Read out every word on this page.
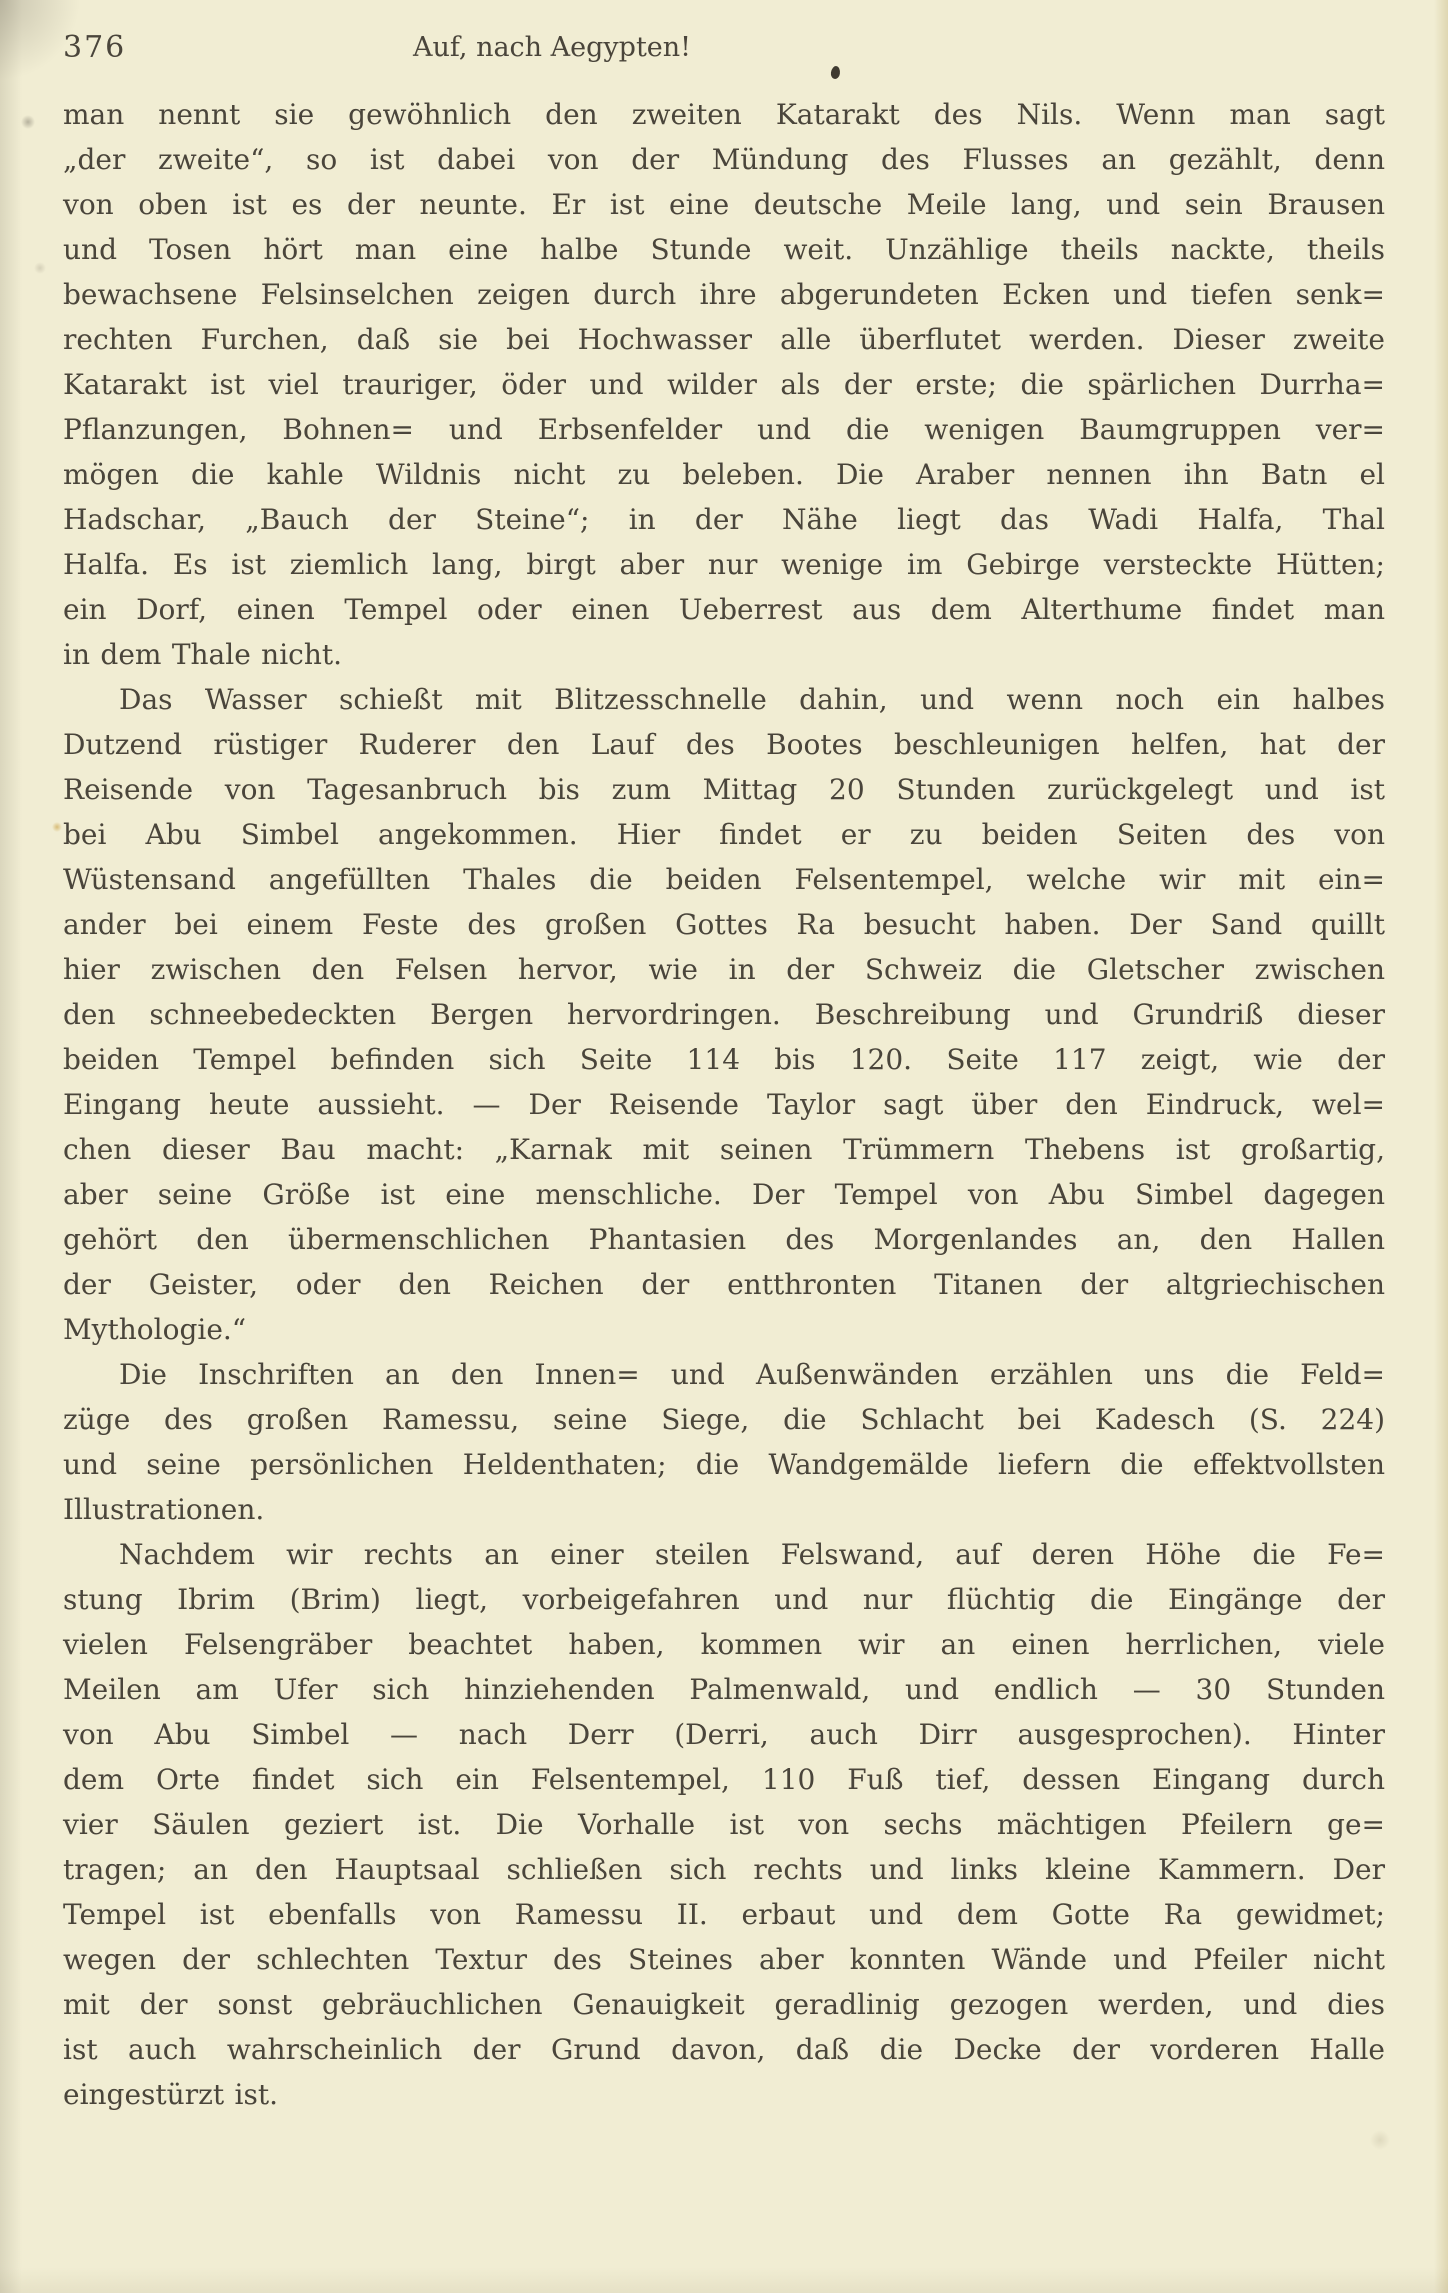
376	Auf, nach Aegypten!
man nennt sie gewöhnlich den zweiten Katarakt des Nils. Wenn man sagt
„der zweite“, so ist dabei von der Mündung des Flusses an gezählt, denn
von oben ist es der neunte. Er ist eine deutsche Meile lang, und sein Brausen
und Tosen hört man eine halbe Stunde weit. Unzählige theils nackte, theils
bewachsene Felsinselchen zeigen durch ihre abgerundeten Ecken und tiefen senk=
rechten Furchen, daß sie bei Hochwasser alle überflutet werden. Dieser zweite
Katarakt ist viel trauriger, öder und wilder als der erste; die spärlichen Durrha=
Pflanzungen, Bohnen= und Erbsenfelder und die wenigen Baumgruppen ver=
mögen die kahle Wildnis nicht zu beleben. Die Araber nennen ihn Batn el
Hadschar, „Bauch der Steine“; in der Nähe liegt das Wadi Halfa, Thal
Halfa. Es ist ziemlich lang, birgt aber nur wenige im Gebirge versteckte Hütten;
ein Dorf, einen Tempel oder einen Ueberrest aus dem Alterthume findet man
in dem Thale nicht.
Das Wasser schießt mit Blitzesschnelle dahin, und wenn noch ein halbes
Dutzend rüstiger Ruderer den Lauf des Bootes beschleunigen helfen, hat der
Reisende von Tagesanbruch bis zum Mittag 20 Stunden zurückgelegt und ist
bei Abu Simbel angekommen. Hier findet er zu beiden Seiten des von
Wüstensand angefüllten Thales die beiden Felsentempel, welche wir mit ein=
ander bei einem Feste des großen Gottes Ra besucht haben. Der Sand quillt
hier zwischen den Felsen hervor, wie in der Schweiz die Gletscher zwischen
den schneebedeckten Bergen hervordringen. Beschreibung und Grundriß dieser
beiden Tempel befinden sich Seite 114 bis 120. Seite 117 zeigt, wie der
Eingang heute aussieht. — Der Reisende Taylor sagt über den Eindruck, wel=
chen dieser Bau macht: „Karnak mit seinen Trümmern Thebens ist großartig,
aber seine Größe ist eine menschliche. Der Tempel von Abu Simbel dagegen
gehört den übermenschlichen Phantasien des Morgenlandes an, den Hallen
der Geister, oder den Reichen der entthronten Titanen der altgriechischen
Mythologie.“
Die Inschriften an den Innen= und Außenwänden erzählen uns die Feld=
züge des großen Ramessu, seine Siege, die Schlacht bei Kadesch (S. 224)
und seine persönlichen Heldenthaten; die Wandgemälde liefern die effektvollsten
Illustrationen.
Nachdem wir rechts an einer steilen Felswand, auf deren Höhe die Fe=
stung Ibrim (Brim) liegt, vorbeigefahren und nur flüchtig die Eingänge der
vielen Felsengräber beachtet haben, kommen wir an einen herrlichen, viele
Meilen am Ufer sich hinziehenden Palmenwald, und endlich — 30 Stunden
von Abu Simbel — nach Derr (Derri, auch Dirr ausgesprochen). Hinter
dem Orte findet sich ein Felsentempel, 110 Fuß tief, dessen Eingang durch
vier Säulen geziert ist. Die Vorhalle ist von sechs mächtigen Pfeilern ge=
tragen; an den Hauptsaal schließen sich rechts und links kleine Kammern. Der
Tempel ist ebenfalls von Ramessu II. erbaut und dem Gotte Ra gewidmet;
wegen der schlechten Textur des Steines aber konnten Wände und Pfeiler nicht
mit der sonst gebräuchlichen Genauigkeit geradlinig gezogen werden, und dies
ist auch wahrscheinlich der Grund davon, daß die Decke der vorderen Halle
eingestürzt ist.
